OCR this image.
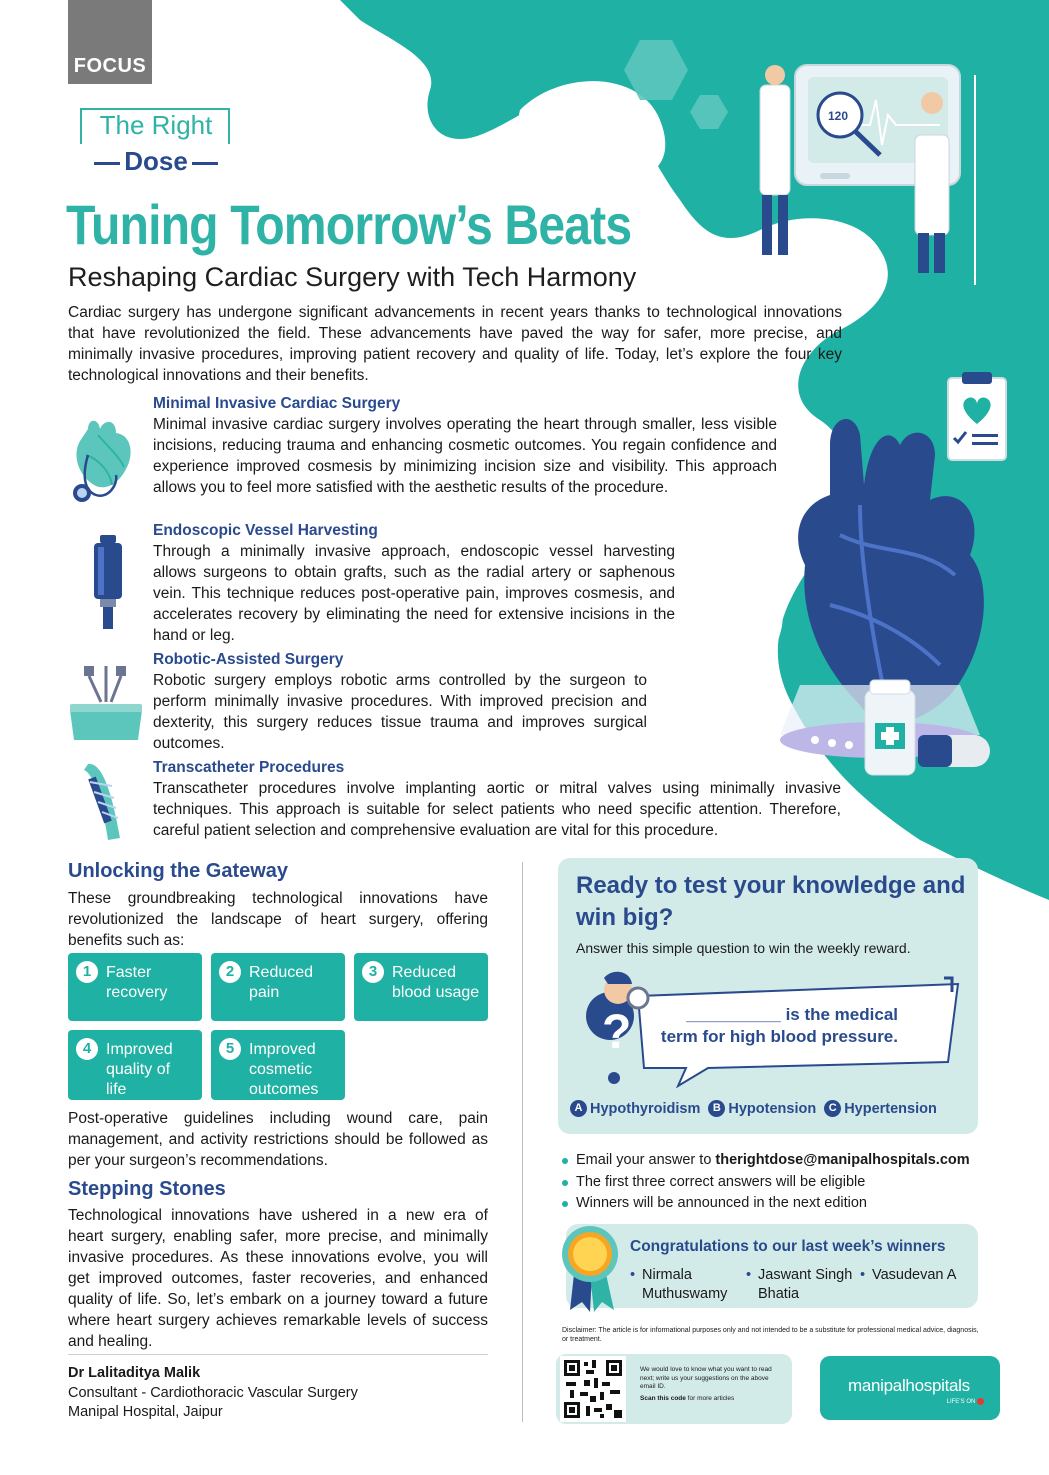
120
FOCUS
The Right
Dose
Tuning Tomorrow’s Beats
Reshaping Cardiac Surgery with Tech Harmony
Cardiac surgery has undergone significant advancements in recent years thanks to technological innovations that have revolutionized the field. These advancements have paved the way for safer, more precise, and minimally invasive procedures, improving patient recovery and quality of life. Today, let’s explore the four key technological innovations and their benefits.
Minimal Invasive Cardiac Surgery

Minimal invasive cardiac surgery involves operating the heart through smaller, less visible incisions, reducing trauma and enhancing cosmetic outcomes. You regain confidence and experience improved cosmesis by minimizing incision size and visibility. This approach allows you to feel more satisfied with the aesthetic results of the procedure.

Endoscopic Vessel Harvesting

Through a minimally invasive approach, endoscopic vessel harvesting allows surgeons to obtain grafts, such as the radial artery or saphenous vein. This technique reduces post-operative pain, improves cosmesis, and accelerates recovery by eliminating the need for extensive incisions in the hand or leg.

Robotic-Assisted Surgery

Robotic surgery employs robotic arms controlled by the surgeon to perform minimally invasive procedures. With improved precision and dexterity, this surgery reduces tissue trauma and improves surgical outcomes.

Transcatheter Procedures

Transcatheter procedures involve implanting aortic or mitral valves using minimally invasive techniques. This approach is suitable for select patients who need specific attention. Therefore, careful patient selection and comprehensive evaluation are vital for this procedure.

Unlocking the Gateway
These groundbreaking technological innovations have revolutionized the landscape of heart surgery, offering benefits such as:
1 Faster recovery
2 Reduced pain
3 Reduced blood usage
4 Improved quality of life
5 Improved cosmetic outcomes
Post-operative guidelines including wound care, pain management, and activity restrictions should be followed as per your surgeon’s recommendations.
Stepping Stones
Technological innovations have ushered in a new era of heart surgery, enabling safer, more precise, and minimally invasive procedures. As these innovations evolve, you will get improved outcomes, faster recoveries, and enhanced quality of life. So, let’s embark on a journey toward a future where heart surgery achieves remarkable levels of success and healing.
Dr Lalitaditya Malik
Consultant - Cardiothoracic Vascular Surgery
Manipal Hospital, Jaipur
Ready to test your knowledge and win big?
Answer this simple question to win the weekly reward.
?	__________ is the medical term for high blood pressure.
A Hypothyroidism	B Hypotension	C Hypertension
Email your answer to therightdose@manipalhospitals.com
The first three correct answers will be eligible
Winners will be announced in the next edition
Congratulations to our last week’s winners
• Nirmala Muthuswamy
• Jaswant Singh Bhatia
• Vasudevan A
Disclaimer: The article is for informational purposes only and not intended to be a substitute for professional medical advice, diagnosis, or treatment.
We would love to know what you want to read next; write us your suggestions on the above email ID.
Scan this code for more articles
manipalhospitals
LIFE’S ON
